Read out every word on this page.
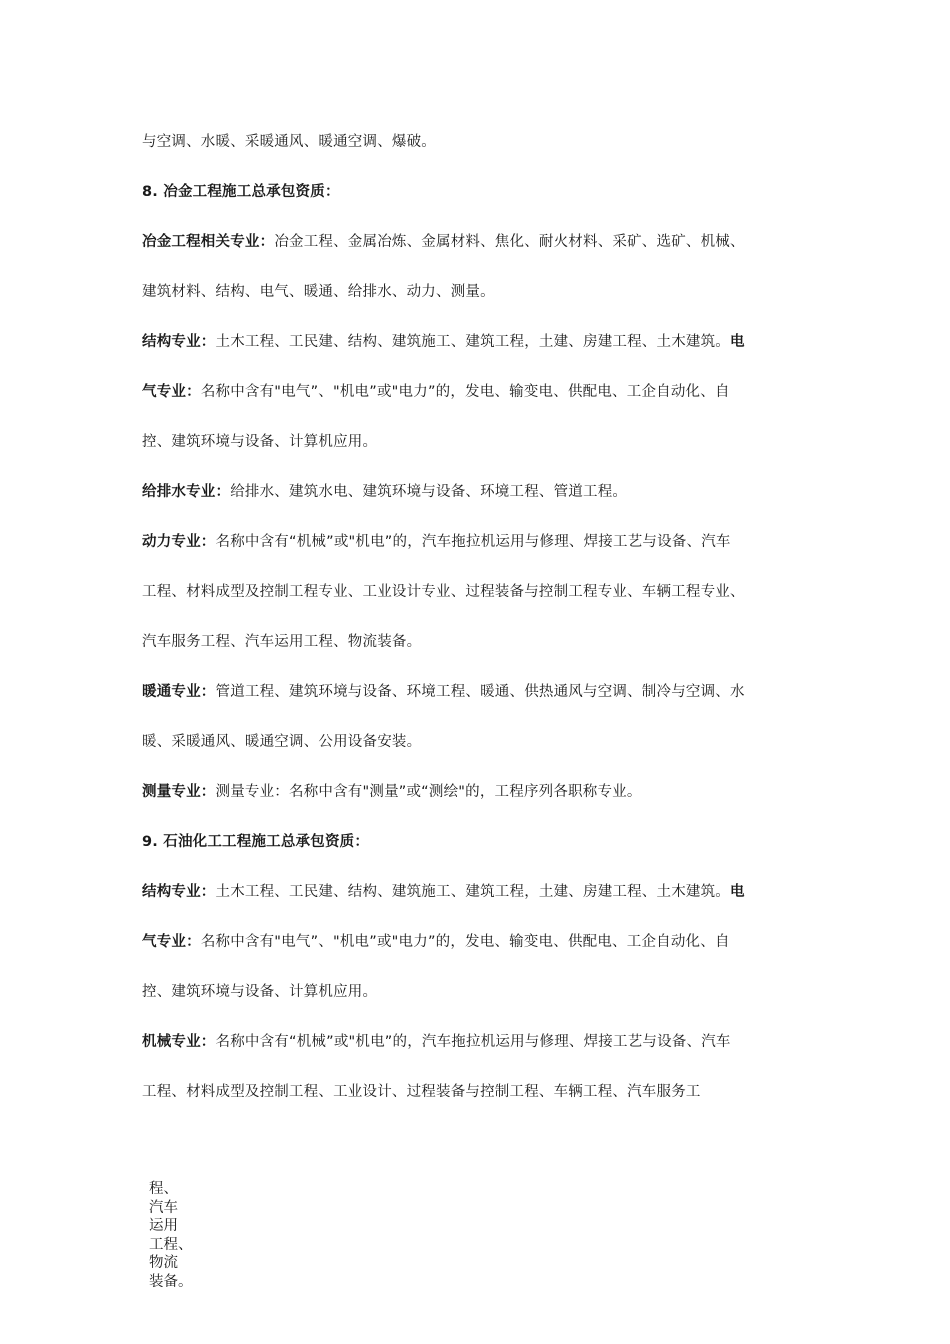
与空调、水暖、采暖通风、暖通空调、爆破。
8. 冶金工程施工总承包资质：
冶金工程相关专业：冶金工程、金属冶炼、金属材料、焦化、耐火材料、采矿、选矿、机械、
建筑材料、结构、电气、暖通、给排水、动力、测量。
结构专业：土木工程、工民建、结构、建筑施工、建筑工程，土建、房建工程、土木建筑。电
气专业：名称中含有"电气”、"机电”或"电力”的，发电、输变电、供配电、工企自动化、自
控、建筑环境与设备、计算机应用。
给排水专业：给排水、建筑水电、建筑环境与设备、环境工程、管道工程。
动力专业：名称中含有“机械”或"机电”的，汽车拖拉机运用与修理、焊接工艺与设备、汽车
工程、材料成型及控制工程专业、工业设计专业、过程装备与控制工程专业、车辆工程专业、
汽车服务工程、汽车运用工程、物流装备。
暖通专业：管道工程、建筑环境与设备、环境工程、暖通、供热通风与空调、制冷与空调、水
暖、采暖通风、暖通空调、公用设备安装。
测量专业：测量专业：名称中含有"测量”或“测绘"的，工程序列各职称专业。
9. 石油化工工程施工总承包资质：
结构专业：土木工程、工民建、结构、建筑施工、建筑工程，土建、房建工程、土木建筑。电
气专业：名称中含有"电气”、"机电”或"电力”的，发电、输变电、供配电、工企自动化、自
控、建筑环境与设备、计算机应用。
机械专业：名称中含有“机械”或"机电”的，汽车拖拉机运用与修理、焊接工艺与设备、汽车
工程、材料成型及控制工程、工业设计、过程装备与控制工程、车辆工程、汽车服务工
程、
汽车
运用
工程、
物流
装备。
